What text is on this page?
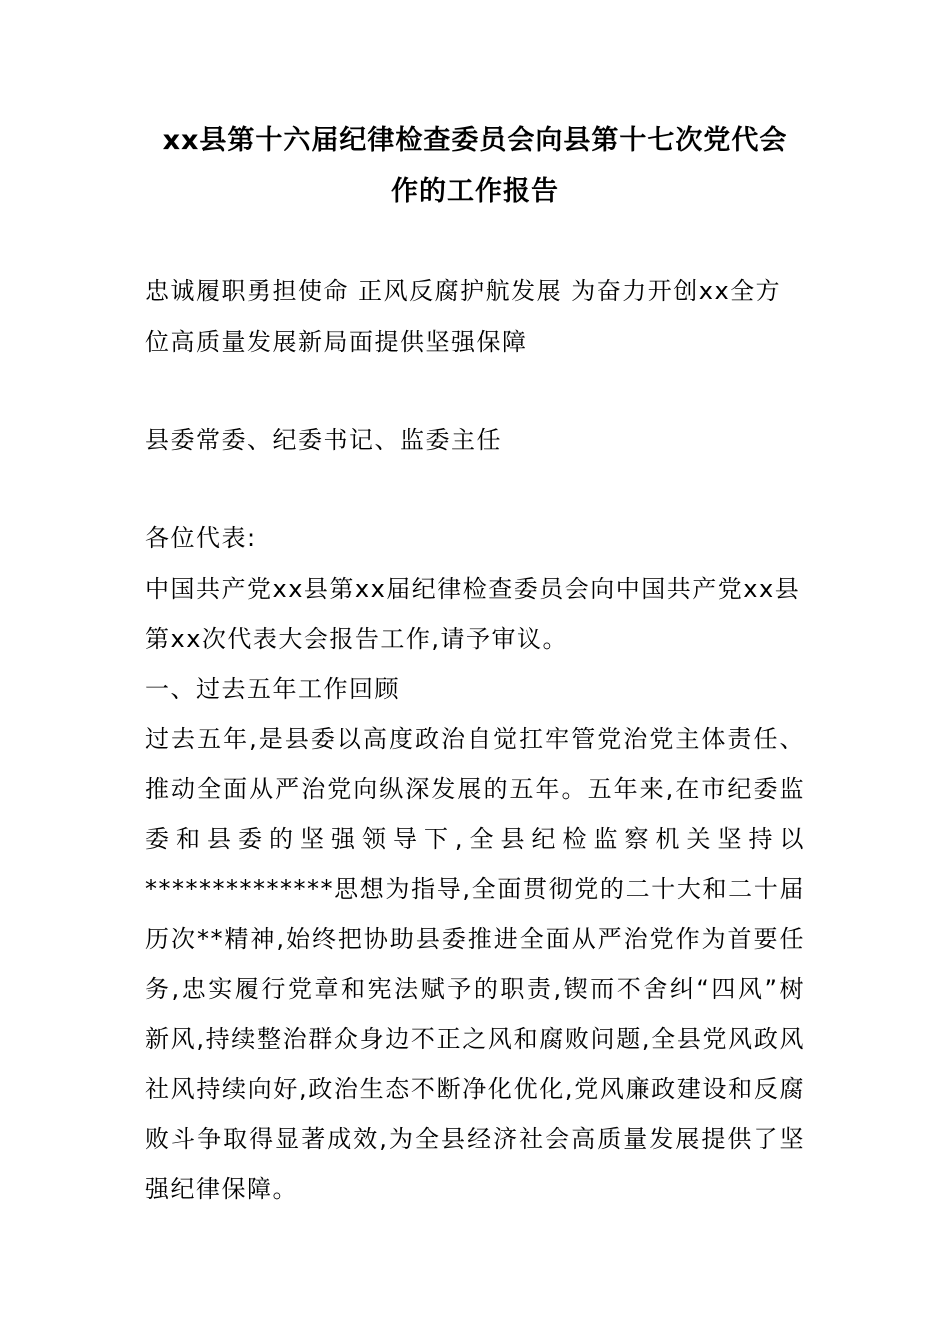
xx县第十六届纪律检查委员会向县第十七次党代会
作的工作报告
忠诚履职勇担使命 正风反腐护航发展 为奋力开创xx全方
位高质量发展新局面提供坚强保障
县委常委、纪委书记、监委主任
各位代表:
中国共产党xx县第xx届纪律检查委员会向中国共产党xx县
第xx次代表大会报告工作,请予审议。
一、过去五年工作回顾
过去五年,是县委以高度政治自觉扛牢管党治党主体责任、
推动全面从严治党向纵深发展的五年。五年来,在市纪委监
委和县委的坚强领导下,全县纪检监察机关坚持以
**************思想为指导,全面贯彻党的二十大和二十届
历次**精神,始终把协助县委推进全面从严治党作为首要任
务,忠实履行党章和宪法赋予的职责,锲而不舍纠“四风”树
新风,持续整治群众身边不正之风和腐败问题,全县党风政风
社风持续向好,政治生态不断净化优化,党风廉政建设和反腐
败斗争取得显著成效,为全县经济社会高质量发展提供了坚
强纪律保障。
